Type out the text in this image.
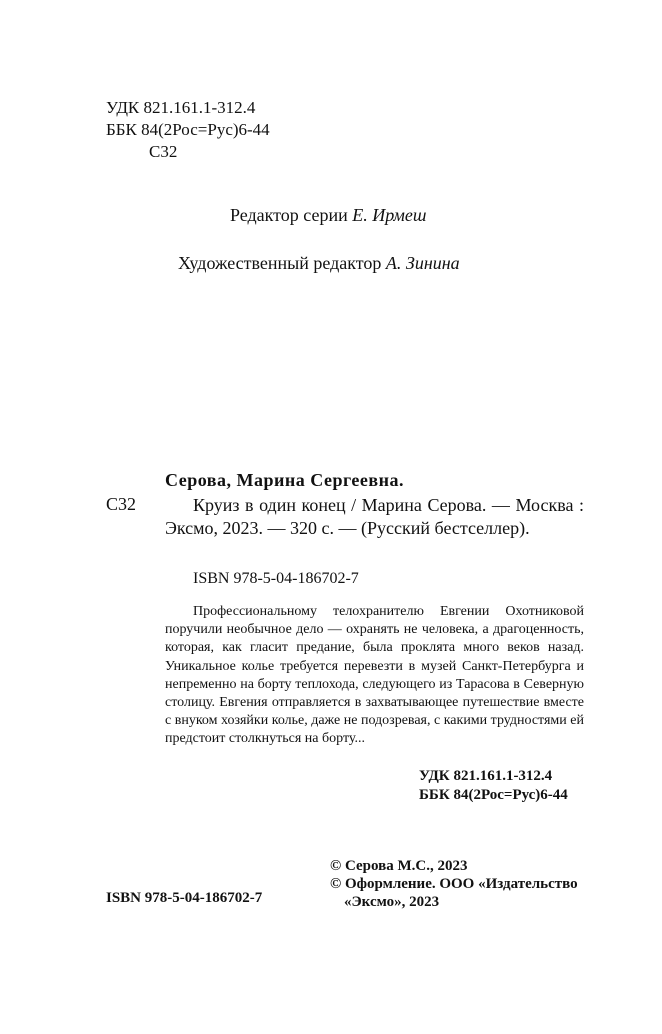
УДК 821.161.1-312.4
ББК 84(2Рос=Рус)6-44
С32
Редактор серии Е. Ирмеш
Художественный редактор А. Зинина
Серова, Марина Сергеевна.
С32	Круиз в один конец / Марина Серова. — Москва : Эксмо, 2023. — 320 с. — (Русский бестселлер).

ISBN 978-5-04-186702-7

Профессиональному телохранителю Евгении Охотниковой поручили необычное дело — охранять не человека, а драгоценность, которая, как гласит предание, была проклята много веков назад. Уникальное колье требуется перевезти в музей Санкт-Петербурга и непременно на борту теплохода, следующего из Тарасова в Северную столицу. Евгения отправляется в захватывающее путешествие вместе с внуком хозяйки колье, даже не подозревая, с какими трудностями ей предстоит столкнуться на борту...

УДК 821.161.1-312.4
ББК 84(2Рос=Рус)6-44
© Серова М.С., 2023
© Оформление. ООО «Издательство
«Эксмо», 2023
ISBN 978-5-04-186702-7
